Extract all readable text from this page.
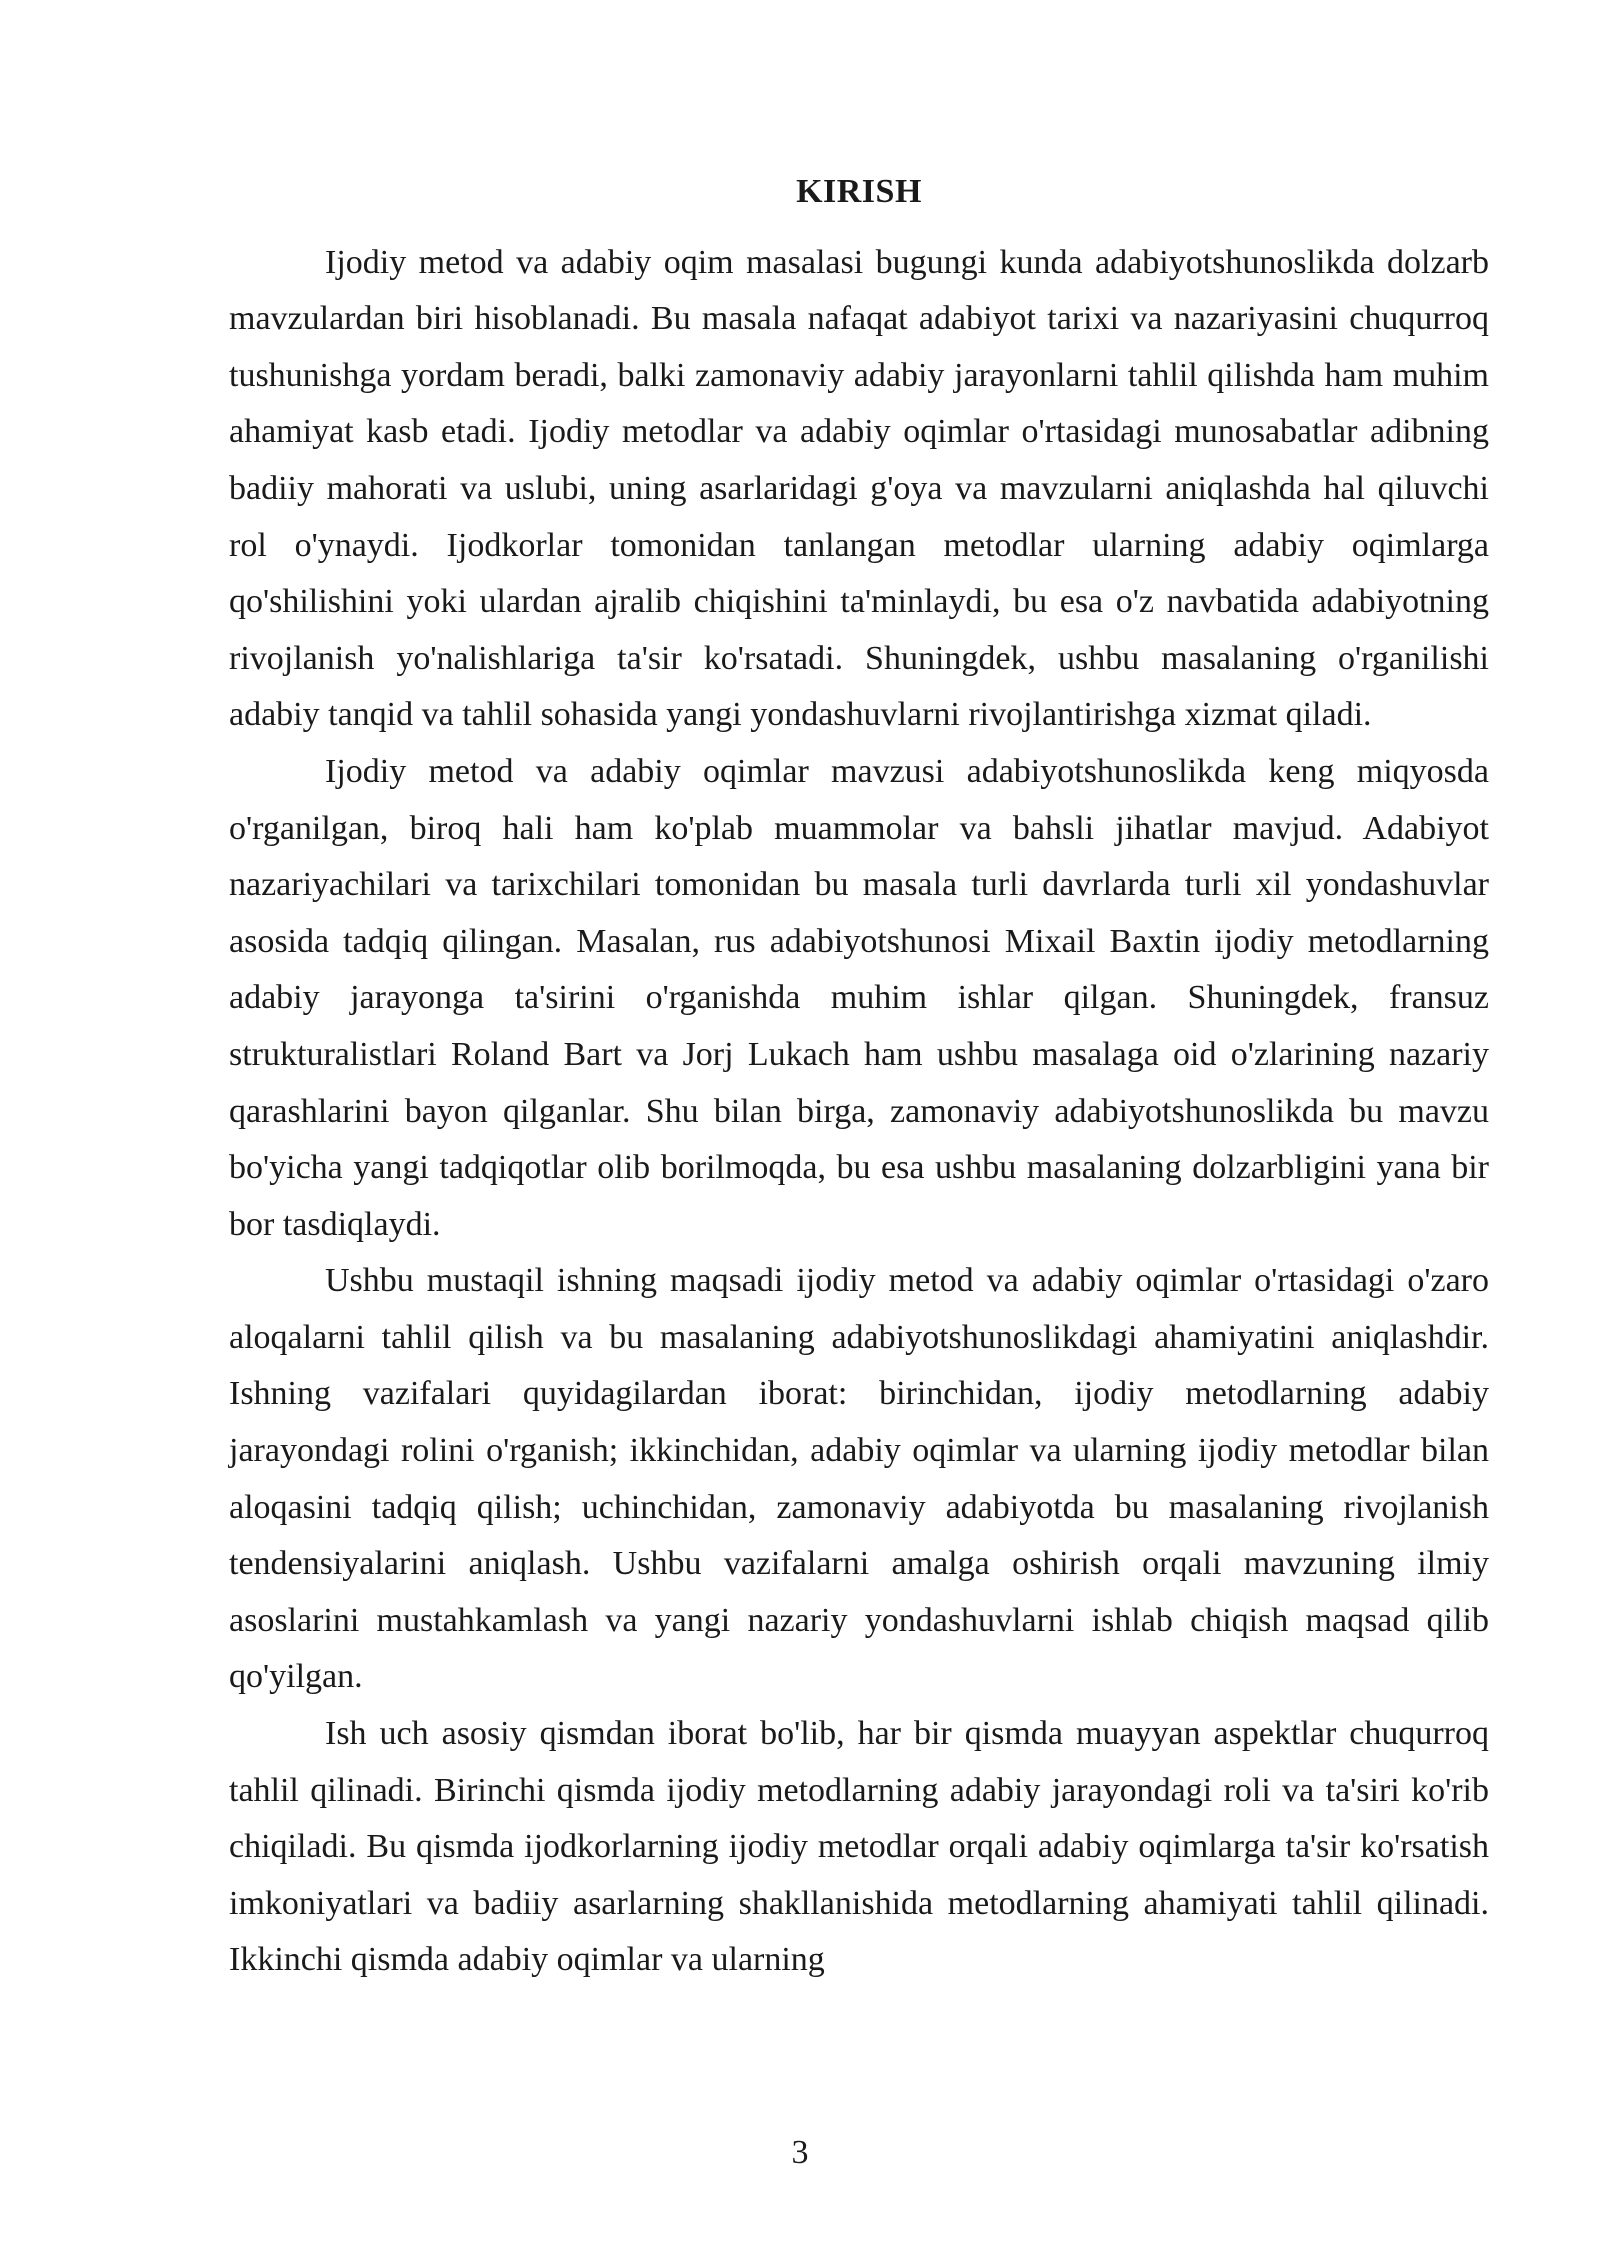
KIRISH

Ijodiy metod va adabiy oqim masalasi bugungi kunda adabiyotshunoslikda dolzarb mavzulardan biri hisoblanadi. Bu masala nafaqat adabiyot tarixi va nazariyasini chuqurroq tushunishga yordam beradi, balki zamonaviy adabiy jarayonlarni tahlil qilishda ham muhim ahamiyat kasb etadi. Ijodiy metodlar va adabiy oqimlar o'rtasidagi munosabatlar adibning badiiy mahorati va uslubi, uning asarlaridagi g'oya va mavzularni aniqlashda hal qiluvchi rol o'ynaydi. Ijodkorlar tomonidan tanlangan metodlar ularning adabiy oqimlarga qo'shilishini yoki ulardan ajralib chiqishini ta'minlaydi, bu esa o'z navbatida adabiyotning rivojlanish yo'nalishlariga ta'sir ko'rsatadi. Shuningdek, ushbu masalaning o'rganilishi adabiy tanqid va tahlil sohasida yangi yondashuvlarni rivojlantirishga xizmat qiladi.

Ijodiy metod va adabiy oqimlar mavzusi adabiyotshunoslikda keng miqyosda o'rganilgan, biroq hali ham ko'plab muammolar va bahsli jihatlar mavjud. Adabiyot nazariyachilari va tarixchilari tomonidan bu masala turli davrlarda turli xil yondashuvlar asosida tadqiq qilingan. Masalan, rus adabiyotshunosi Mixail Baxtin ijodiy metodlarning adabiy jarayonga ta'sirini o'rganishda muhim ishlar qilgan. Shuningdek, fransuz strukturalistlari Roland Bart va Jorj Lukach ham ushbu masalaga oid o'zlarining nazariy qarashlarini bayon qilganlar. Shu bilan birga, zamonaviy adabiyotshunoslikda bu mavzu bo'yicha yangi tadqiqotlar olib borilmoqda, bu esa ushbu masalaning dolzarbligini yana bir bor tasdiqlaydi.

Ushbu mustaqil ishning maqsadi ijodiy metod va adabiy oqimlar o'rtasidagi o'zaro aloqalarni tahlil qilish va bu masalaning adabiyotshunoslikdagi ahamiyatini aniqlashdir. Ishning vazifalari quyidagilardan iborat: birinchidan, ijodiy metodlarning adabiy jarayondagi rolini o'rganish; ikkinchidan, adabiy oqimlar va ularning ijodiy metodlar bilan aloqasini tadqiq qilish; uchinchidan, zamonaviy adabiyotda bu masalaning rivojlanish tendensiyalarini aniqlash. Ushbu vazifalarni amalga oshirish orqali mavzuning ilmiy asoslarini mustahkamlash va yangi nazariy yondashuvlarni ishlab chiqish maqsad qilib qo'yilgan.

Ish uch asosiy qismdan iborat bo'lib, har bir qismda muayyan aspektlar chuqurroq tahlil qilinadi. Birinchi qismda ijodiy metodlarning adabiy jarayondagi roli va ta'siri ko'rib chiqiladi. Bu qismda ijodkorlarning ijodiy metodlar orqali adabiy oqimlarga ta'sir ko'rsatish imkoniyatlari va badiiy asarlarning shakllanishida metodlarning ahamiyati tahlil qilinadi. Ikkinchi qismda adabiy oqimlar va ularning

3
